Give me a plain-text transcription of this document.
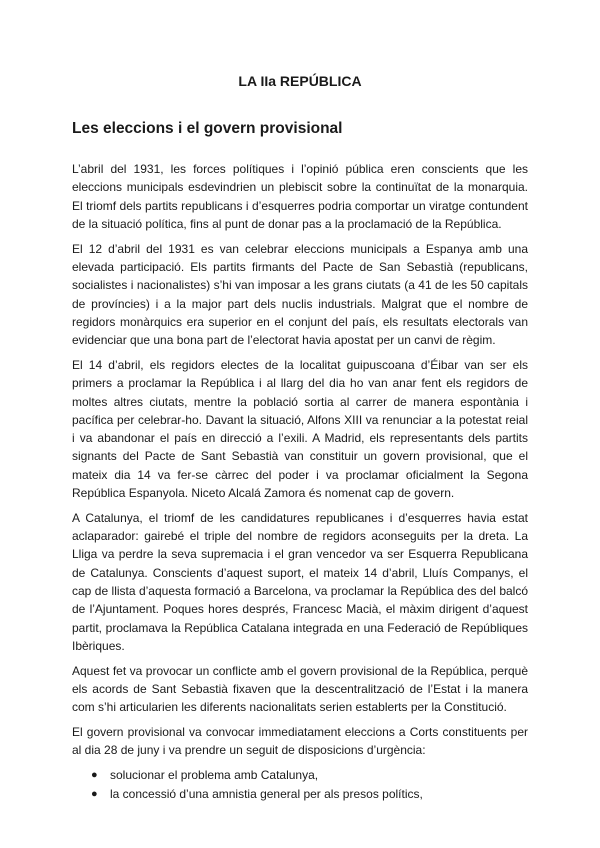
LA IIa REPÚBLICA
Les eleccions i el govern provisional

L’abril del 1931, les forces polítiques i l’opinió pública eren conscients que les eleccions municipals esdevindrien un plebiscit sobre la continuïtat de la monarquia. El triomf dels partits republicans i d’esquerres podria comportar un viratge contundent de la situació política, fins al punt de donar pas a la proclamació de la República.

El 12 d’abril del 1931 es van celebrar eleccions municipals a Espanya amb una elevada participació. Els partits firmants del Pacte de San Sebastià (republicans, socialistes i nacionalistes) s’hi van imposar a les grans ciutats (a 41 de les 50 capitals de províncies) i a la major part dels nuclis industrials. Malgrat que el nombre de regidors monàrquics era superior en el conjunt del país, els resultats electorals van evidenciar que una bona part de l’electorat havia apostat per un canvi de règim.

El 14 d’abril, els regidors electes de la localitat guipuscoana d’Éibar van ser els primers a proclamar la República i al llarg del dia ho van anar fent els regidors de moltes altres ciutats, mentre la població sortia al carrer de manera espontània i pacífica per celebrar-ho. Davant la situació, Alfons XIII va renunciar a la potestat reial i va abandonar el país en direcció a l’exili. A Madrid, els representants dels partits signants del Pacte de Sant Sebastià van constituir un govern provisional, que el mateix dia 14 va fer-se càrrec del poder i va proclamar oficialment la Segona República Espanyola. Niceto Alcalá Zamora és nomenat cap de govern.

A Catalunya, el triomf de les candidatures republicanes i d’esquerres havia estat aclaparador: gairebé el triple del nombre de regidors aconseguits per la dreta. La Lliga va perdre la seva supremacia i el gran vencedor va ser Esquerra Republicana de Catalunya. Conscients d’aquest suport, el mateix 14 d’abril, Lluís Companys, el cap de llista d’aquesta formació a Barcelona, va proclamar la República des del balcó de l’Ajuntament. Poques hores després, Francesc Macià, el màxim dirigent d’aquest partit, proclamava la República Catalana integrada en una Federació de Repúbliques Ibèriques.

Aquest fet va provocar un conflicte amb el govern provisional de la República, perquè els acords de Sant Sebastià fixaven que la descentralització de l’Estat i la manera com s’hi articularien les diferents nacionalitats serien establerts per la Constitució.

El govern provisional va convocar immediatament eleccions a Corts constituents per al dia 28 de juny i va prendre un seguit de disposicions d’urgència:

● solucionar el problema amb Catalunya,
● la concessió d’una amnistia general per als presos polítics,
